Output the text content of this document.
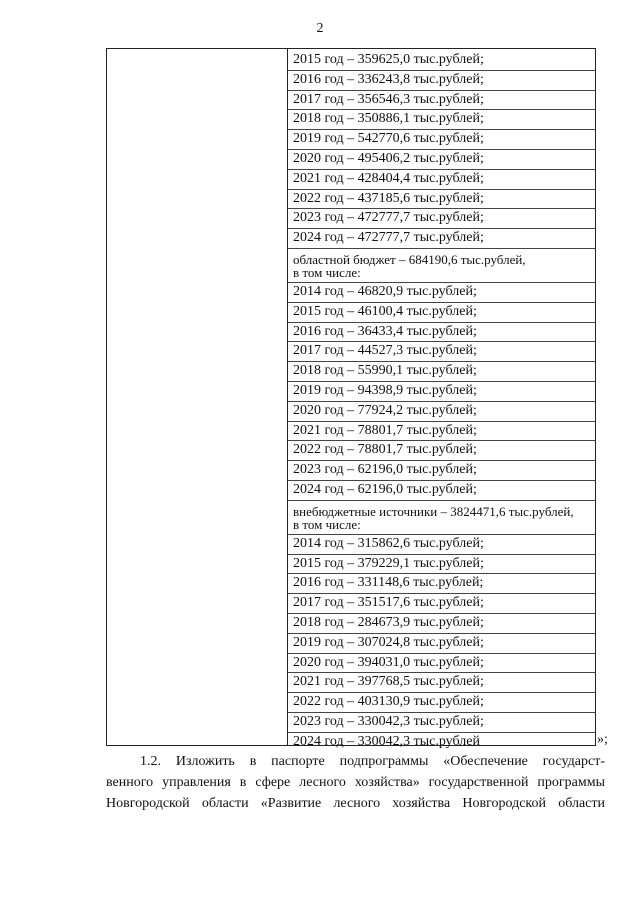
2
2015 год – 359625,0 тыс.рублей;
2016 год – 336243,8 тыс.рублей;
2017 год – 356546,3 тыс.рублей;
2018 год – 350886,1 тыс.рублей;
2019 год – 542770,6 тыс.рублей;
2020 год – 495406,2 тыс.рублей;
2021 год – 428404,4 тыс.рублей;
2022 год – 437185,6 тыс.рублей;
2023 год – 472777,7 тыс.рублей;
2024 год – 472777,7 тыс.рублей;
областной бюджет – 684190,6 тыс.рублей,
в том числе:
2014 год – 46820,9 тыс.рублей;
2015 год – 46100,4 тыс.рублей;
2016 год – 36433,4 тыс.рублей;
2017 год – 44527,3 тыс.рублей;
2018 год – 55990,1 тыс.рублей;
2019 год – 94398,9 тыс.рублей;
2020 год – 77924,2 тыс.рублей;
2021 год – 78801,7 тыс.рублей;
2022 год – 78801,7 тыс.рублей;
2023 год – 62196,0 тыс.рублей;
2024 год – 62196,0 тыс.рублей;
внебюджетные источники – 3824471,6 тыс.рублей,
в том числе:
2014 год – 315862,6 тыс.рублей;
2015 год – 379229,1 тыс.рублей;
2016 год – 331148,6 тыс.рублей;
2017 год – 351517,6 тыс.рублей;
2018 год – 284673,9 тыс.рублей;
2019 год – 307024,8 тыс.рублей;
2020 год – 394031,0 тыс.рублей;
2021 год – 397768,5 тыс.рублей;
2022 год – 403130,9 тыс.рублей;
2023 год – 330042,3 тыс.рублей;
2024 год – 330042,3 тыс.рублей	»;
1.2. Изложить в паспорте подпрограммы «Обеспечение государст-
венного управления в сфере лесного хозяйства» государственной программы
Новгородской области «Развитие лесного хозяйства Новгородской области
